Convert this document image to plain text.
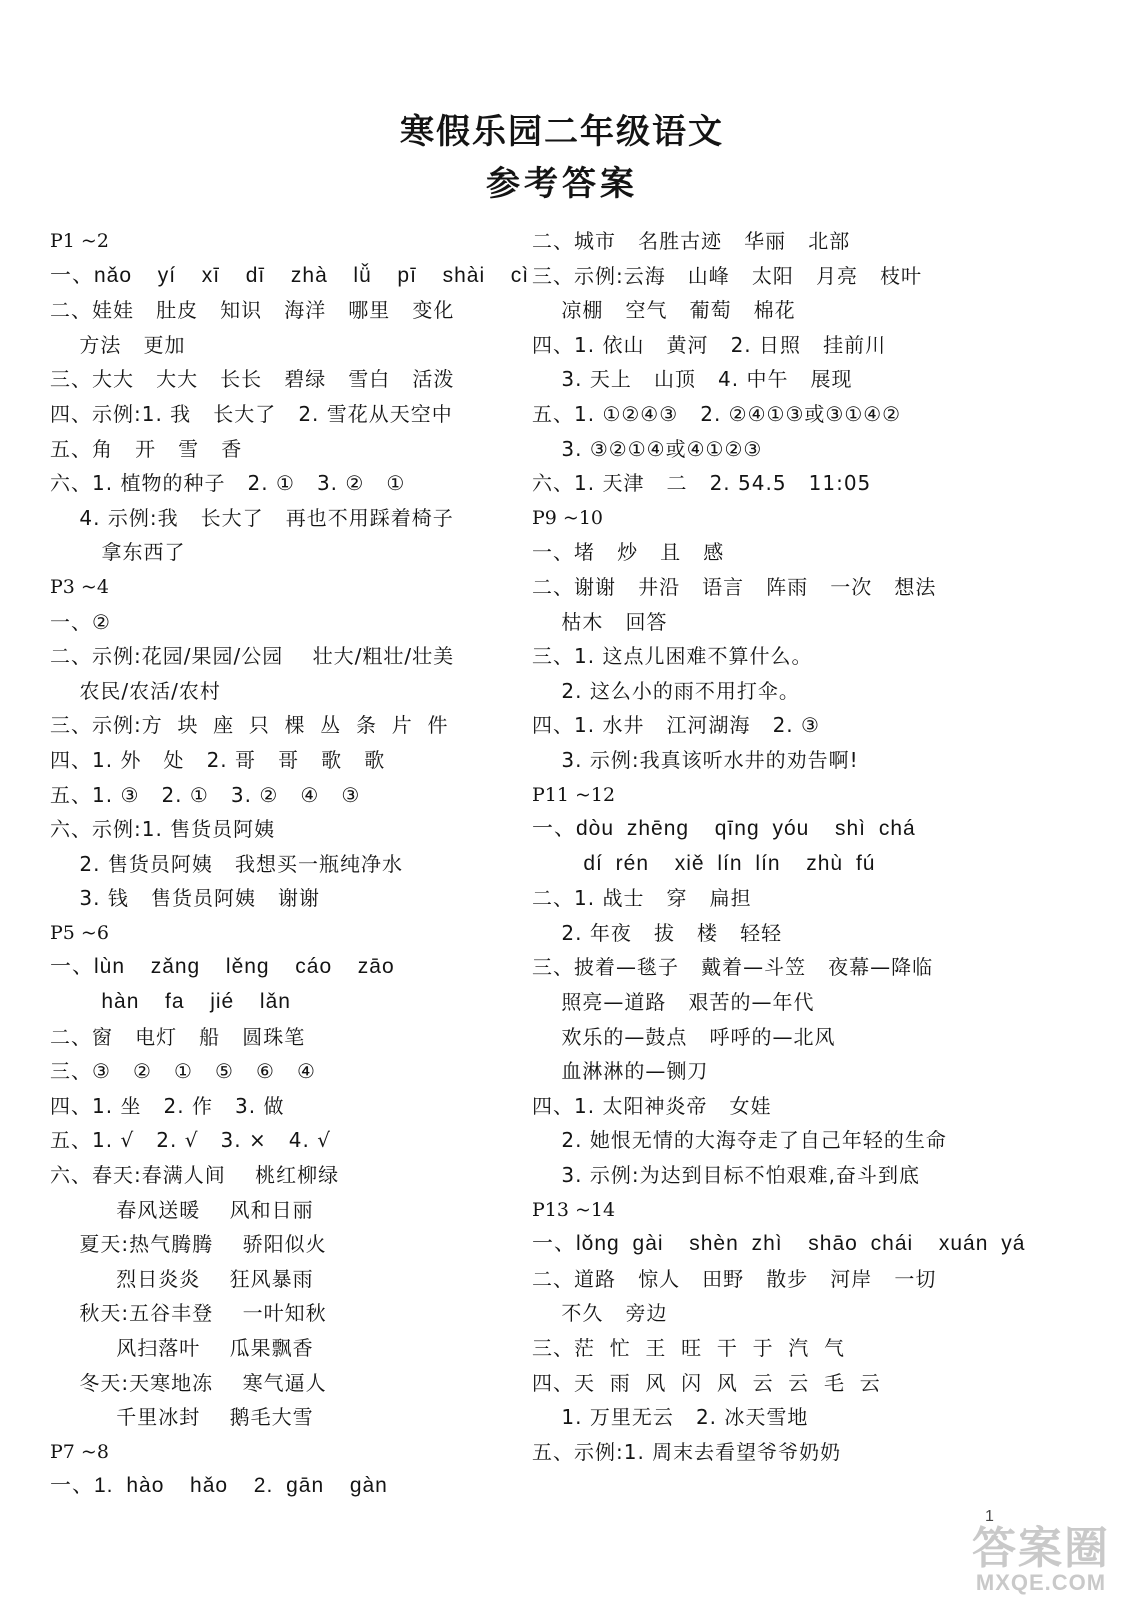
寒假乐园二年级语文
参考答案
P1 ~2
一、nǎo  yí  xī  dī  zhà  lǚ  pī  shài  cì
二、娃娃   肚皮   知识   海洋   哪里   变化
方法   更加
三、大大   大大   长长   碧绿   雪白   活泼
四、示例:1. 我   长大了   2. 雪花从天空中
五、角   开   雪   香
六、1. 植物的种子   2. ①   3. ②   ①
4. 示例:我   长大了   再也不用踩着椅子
拿东西了
P3 ~4
一、②
二、示例:花园/果园/公园    壮大/粗壮/壮美
农民/农活/农村
三、示例:方  块  座  只  棵  丛  条  片  件
四、1. 外   处   2. 哥   哥   歌   歌
五、1. ③   2. ①   3. ②   ④   ③
六、示例:1. 售货员阿姨
2. 售货员阿姨   我想买一瓶纯净水
3. 钱   售货员阿姨   谢谢
P5 ~6
一、lùn  zǎng  lěng  cáo  zāo
hàn  fa  jié  lǎn
二、窗   电灯   船   圆珠笔
三、③   ②   ①   ⑤   ⑥   ④
四、1. 坐   2. 作   3. 做
五、1. √   2. √   3. ×   4. √
六、春天:春满人间    桃红柳绿
春风送暖    风和日丽
夏天:热气腾腾    骄阳似火
烈日炎炎    狂风暴雨
秋天:五谷丰登    一叶知秋
风扫落叶    瓜果飘香
冬天:天寒地冻    寒气逼人
千里冰封    鹅毛大雪
P7 ~8
一、1. hào  hǎo  2. gān  gàn
二、城市   名胜古迹   华丽   北部
三、示例:云海   山峰   太阳   月亮   枝叶
凉棚   空气   葡萄   棉花
四、1. 依山   黄河   2. 日照   挂前川
3. 天上   山顶   4. 中午   展现
五、1. ①②④③   2. ②④①③或③①④②
3. ③②①④或④①②③
六、1. 天津   二   2. 54.5   11:05
P9 ~10
一、堵   炒   且   感
二、谢谢   井沿   语言   阵雨   一次   想法
枯木   回答
三、1. 这点儿困难不算什么。
2. 这么小的雨不用打伞。
四、1. 水井   江河湖海   2. ③
3. 示例:我真该听水井的劝告啊!
P11 ~12
一、dòu zhēng  qīng yóu  shì chá
dí rén  xiě lín lín  zhù fú
二、1. 战士   穿   扁担
2. 年夜   拔   楼   轻轻
三、披着—毯子   戴着—斗笠   夜幕—降临
照亮—道路   艰苦的—年代
欢乐的—鼓点   呼呼的—北风
血淋淋的—铡刀
四、1. 太阳神炎帝   女娃
2. 她恨无情的大海夺走了自己年轻的生命
3. 示例:为达到目标不怕艰难,奋斗到底
P13 ~14
一、lǒng gài  shèn zhì  shāo chái  xuán yá
二、道路   惊人   田野   散步   河岸   一切
不久   旁边
三、茫  忙  王  旺  干  于  汽  气
四、天  雨  风  闪  风  云  云  毛  云
1. 万里无云   2. 冰天雪地
五、示例:1. 周末去看望爷爷奶奶
1
答案圈
MXQE.COM
